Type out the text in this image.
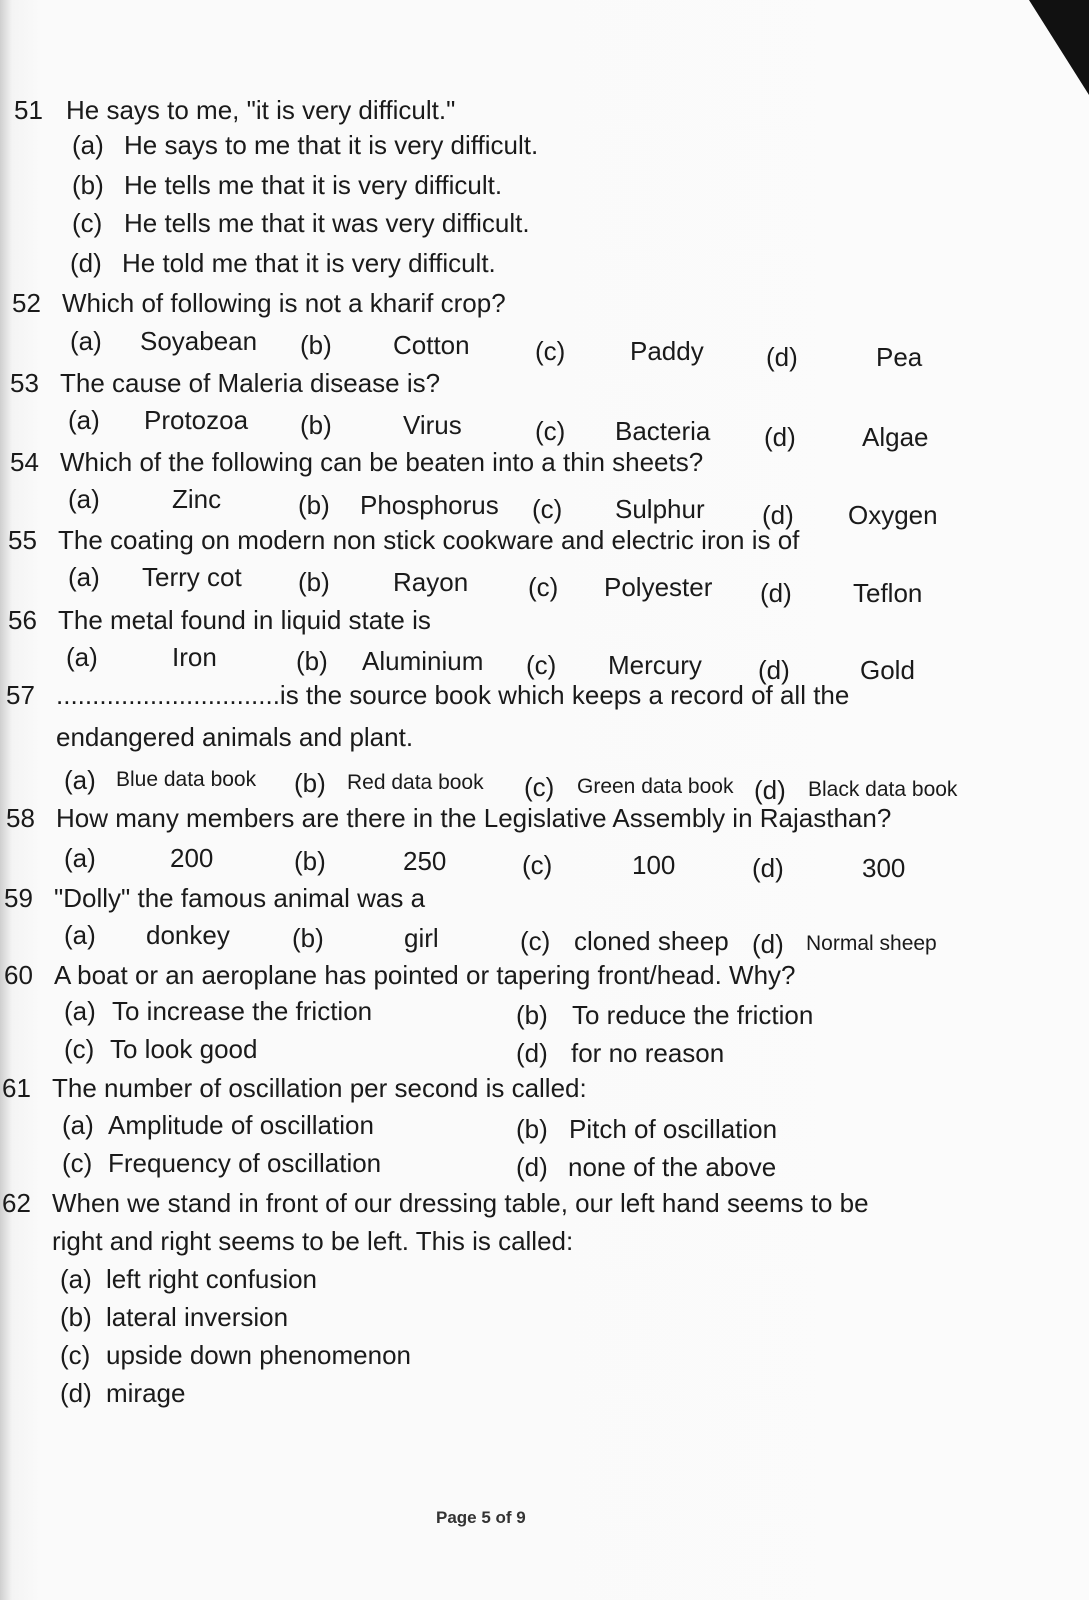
51 He says to me, "it is very difficult."
(a) He says to me that it is very difficult.
(b) He tells me that it is very difficult.
(c) He tells me that it was very difficult.
(d) He told me that it is very difficult.
52 Which of following is not a kharif crop?
(a) Soyabean (b) Cotton	(c) Paddy (d)	Pea
53 The cause of Maleria disease is?
(a) Protozoa (b)	Virus	(c) Bacteria (d)	Algae
54 Which of the following can be beaten into a thin sheets?
(a)	Zinc	(b) Phosphorus (c) Sulphur (d) Oxygen
55 The coating on modern non stick cookware and electric iron is of
(a) Terry cot (b) Rayon (c) Polyester (d) Teflon
56 The metal found in liquid state is
(a)	Iron	(b) Aluminium (c) Mercury (d)	Gold
57 ...............................is the source book which keeps a record of all the
endangered animals and plant.
(a) Blue data book (b) Red data book (c) Green data book (d) Black data book
58 How many members are there in the Legislative Assembly in Rajasthan?
(a)	200	(b)	250	(c)	100	(d)	300
59 "Dolly" the famous animal was a
(a) donkey (b)	girl	(c) cloned sheep (d) Normal sheep
60 A boat or an aeroplane has pointed or tapering front/head. Why?
(a) To increase the friction	(b) To reduce the friction
(c) To look good	(d) for no reason
61 The number of oscillation per second is called:
(a) Amplitude of oscillation	(b) Pitch of oscillation
(c) Frequency of oscillation	(d) none of the above
62 When we stand in front of our dressing table, our left hand seems to be
right and right seems to be left. This is called:
(a) left right confusion
(b) lateral inversion
(c) upside down phenomenon
(d) mirage
Page 5 of 9
